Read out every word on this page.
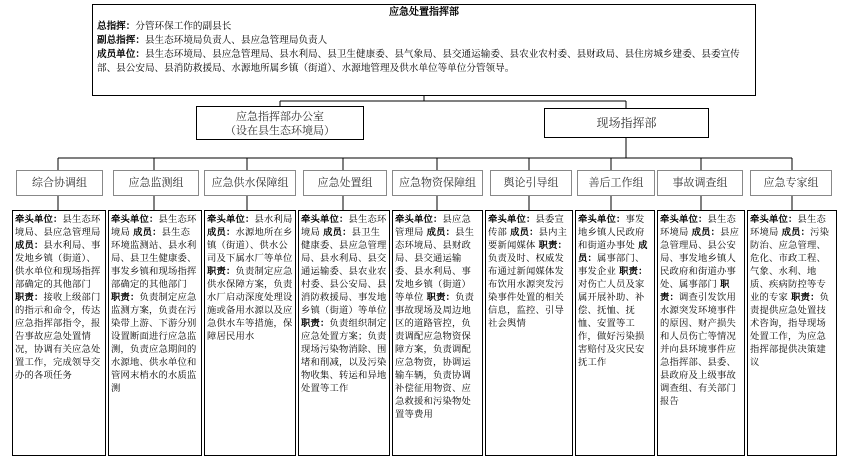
应急处置指挥部
总指挥：分管环保工作的副县长
副总指挥：县生态环境局负责人、县应急管理局负责人
成员单位：县生态环境局、县应急管理局、县水利局、县卫生健康委、县气象局、县交通运输委、县农业农村委、县财政局、县住房城乡建委、县委宣传部、县公安局、县消防救援局、水源地所属乡镇（街道）、水源地管理及供水单位等单位分管领导。
应急指挥部办公室
（设在县生态环境局）
现场指挥部
综合协调组	应急监测组	应急供水保障组	应急处置组	应急物资保障组	舆论引导组	善后工作组	事故调查组	应急专家组
牵头单位：县生态环境局、县应急管理局 成员：县水利局、事发地乡镇（街道）、供水单位和现场指挥部确定的其他部门 职责：接收上级部门的指示和命令，传达应急指挥部指令，报告事故应急处置情况，协调有关应急处置工作，完成领导交办的各项任务
牵头单位：县生态环境局 成员：县生态环境监测站、县水利局、县卫生健康委、事发乡镇和现场指挥部确定的其他部门 职责：负责制定应急监测方案，负责在污染带上游、下游分别设置断面进行应急监测，负责应急期间的水源地、供水单位和管网末梢水的水质监测
牵头单位：县水利局 成员：水源地所在乡镇（街道）、供水公司及下属水厂等单位 职责：负责制定应急供水保障方案，负责水厂启动深度处理设施或备用水源以及应急供水车等措施，保障居民用水
牵头单位：县生态环境局 成员：县卫生健康委、县应急管理局、县水利局、县交通运输委、县农业农村委、县公安局、县消防救援局、事发地乡镇（街道）等单位 职责：负责组织制定应急处置方案；负责现场污染物消除、围堵和削减，以及污染物收集、转运和异地处置等工作
牵头单位：县应急管理局 成员：县生态环境局、县财政局、县交通运输委、县水利局、事发地乡镇（街道）等单位 职责：负责事故现场及周边地区的道路管控，负责调配应急物资保障方案，负责调配应急物资，协调运输车辆，负责协调补偿征用物资、应急救援和污染物处置等费用
牵头单位：县委宣传部 成员：县内主要新闻媒体 职责：负责及时、权威发布通过新闻媒体发布饮用水源突发污染事件处置的相关信息，监控、引导社会舆情
牵头单位：事发地乡镇人民政府和街道办事处 成员：属事部门、事发企业 职责：对伤亡人员及家属开展补助、补偿、抚恤、抚恤、安置等工作，做好污染损害赔付及灾民安抚工作
牵头单位：县生态环境局 成员：县应急管理局、县公安局、事发地乡镇人民政府和街道办事处、属事部门 职责：调查引发饮用水源突发环境事件的原因、财产损失和人员伤亡等情况并向县环境事件应急指挥部、县委、县政府及上级事故调查组、有关部门报告
牵头单位：县生态环境局 成员：污染防治、应急管理、危化、市政工程、气象、水利、地质、疾病防控等专业的专家 职责：负责提供应急处置技术咨询，指导现场处置工作，为应急指挥部提供决策建议
